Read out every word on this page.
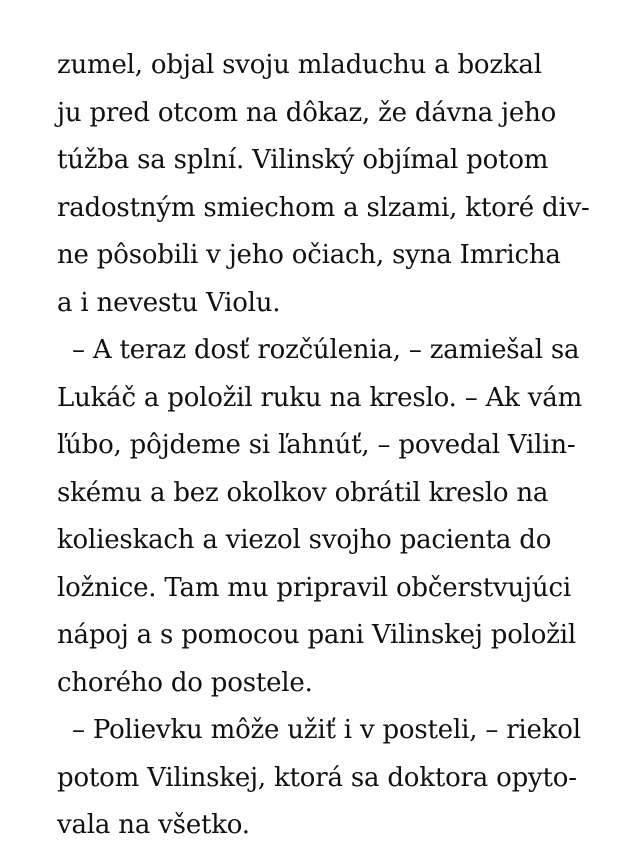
zumel, objal svoju mladuchu a bozkal
ju pred otcom na dôkaz, že dávna jeho
túžba sa splní. Vilinský objímal potom
radostným smiechom a slzami, ktoré div-
ne pôsobili v jeho očiach, syna Imricha
a i nevestu Violu.
– A teraz dosť rozčúlenia, – zamiešal sa
Lukáč a položil ruku na kreslo. – Ak vám
ľúbo, pôjdeme si ľahnúť, – povedal Vilin-
skému a bez okolkov obrátil kreslo na
kolieskach a viezol svojho pacienta do
ložnice. Tam mu pripravil občerstvujúci
nápoj a s pomocou pani Vilinskej položil
chorého do postele.
– Polievku môže užiť i v posteli, – riekol
potom Vilinskej, ktorá sa doktora opyto-
vala na všetko.
